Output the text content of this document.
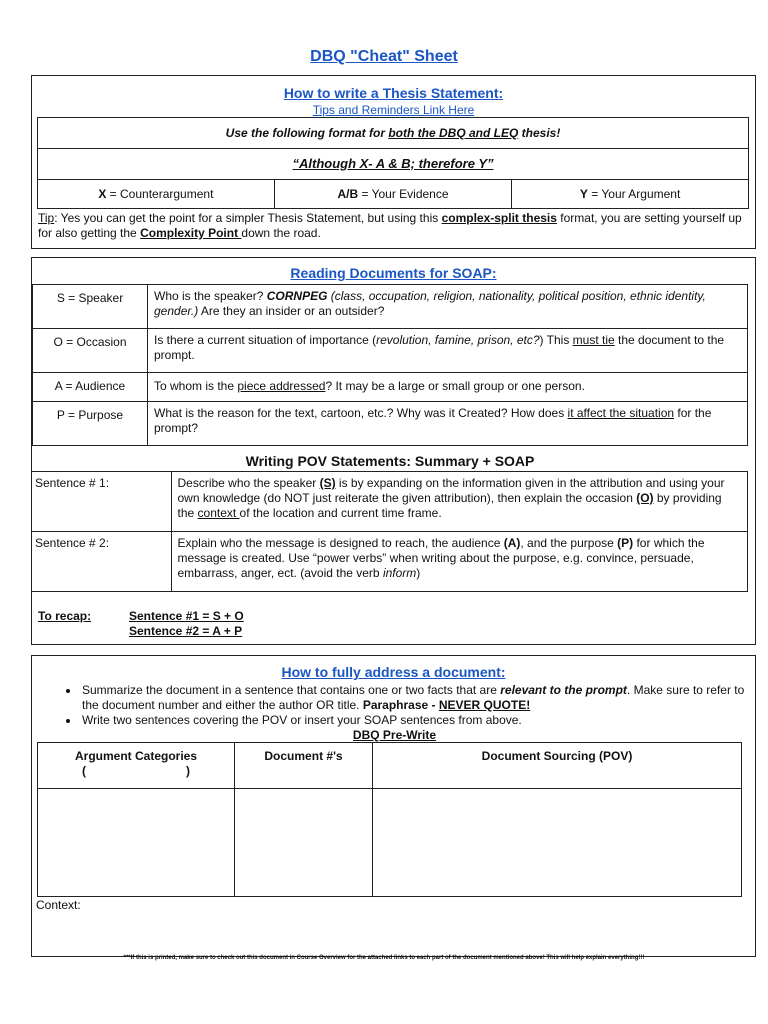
DBQ "Cheat" Sheet
How to write a Thesis Statement:
Tips and Reminders Link Here
Use the following format for both the DBQ and LEQ thesis!
“Although X- A & B; therefore Y”
X = Counterargument	A/B = Your Evidence	Y = Your Argument
Tip: Yes you can get the point for a simpler Thesis Statement, but using this complex-split thesis format, you are setting yourself up for also getting the Complexity Point down the road.
Reading Documents for SOAP:
S = Speaker	Who is the speaker? CORNPEG (class, occupation, religion, nationality, political position, ethnic identity, gender.) Are they an insider or an outsider?
O = Occasion	Is there a current situation of importance (revolution, famine, prison, etc?) This must tie the document to the prompt.
A = Audience	To whom is the piece addressed? It may be a large or small group or one person.
P = Purpose	What is the reason for the text, cartoon, etc.? Why was it Created? How does it affect the situation for the prompt?
Writing POV Statements: Summary + SOAP
Sentence # 1:	Describe who the speaker (S) is by expanding on the information given in the attribution and using your own knowledge (do NOT just reiterate the given attribution), then explain the occasion (O) by providing the context of the location and current time frame.
Sentence # 2:	Explain who the message is designed to reach, the audience (A), and the purpose (P) for which the message is created. Use “power verbs” when writing about the purpose, e.g. convince, persuade, embarrass, anger, ect. (avoid the verb inform)
To recap:	Sentence #1 = S + O
Sentence #2 = A + P
How to fully address a document:
• Summarize the document in a sentence that contains one or two facts that are relevant to the prompt. Make sure to refer to the document number and either the author OR title. Paraphrase - NEVER QUOTE!
• Write two sentences covering the POV or insert your SOAP sentences from above.
DBQ Pre-Write
Argument Categories
(                              )	Document #'s	Document Sourcing (POV)

Context:
***If this is printed, make sure to check out this document in Course Overview for the attached links to each part of the document mentioned above! This will help explain everything!!!
